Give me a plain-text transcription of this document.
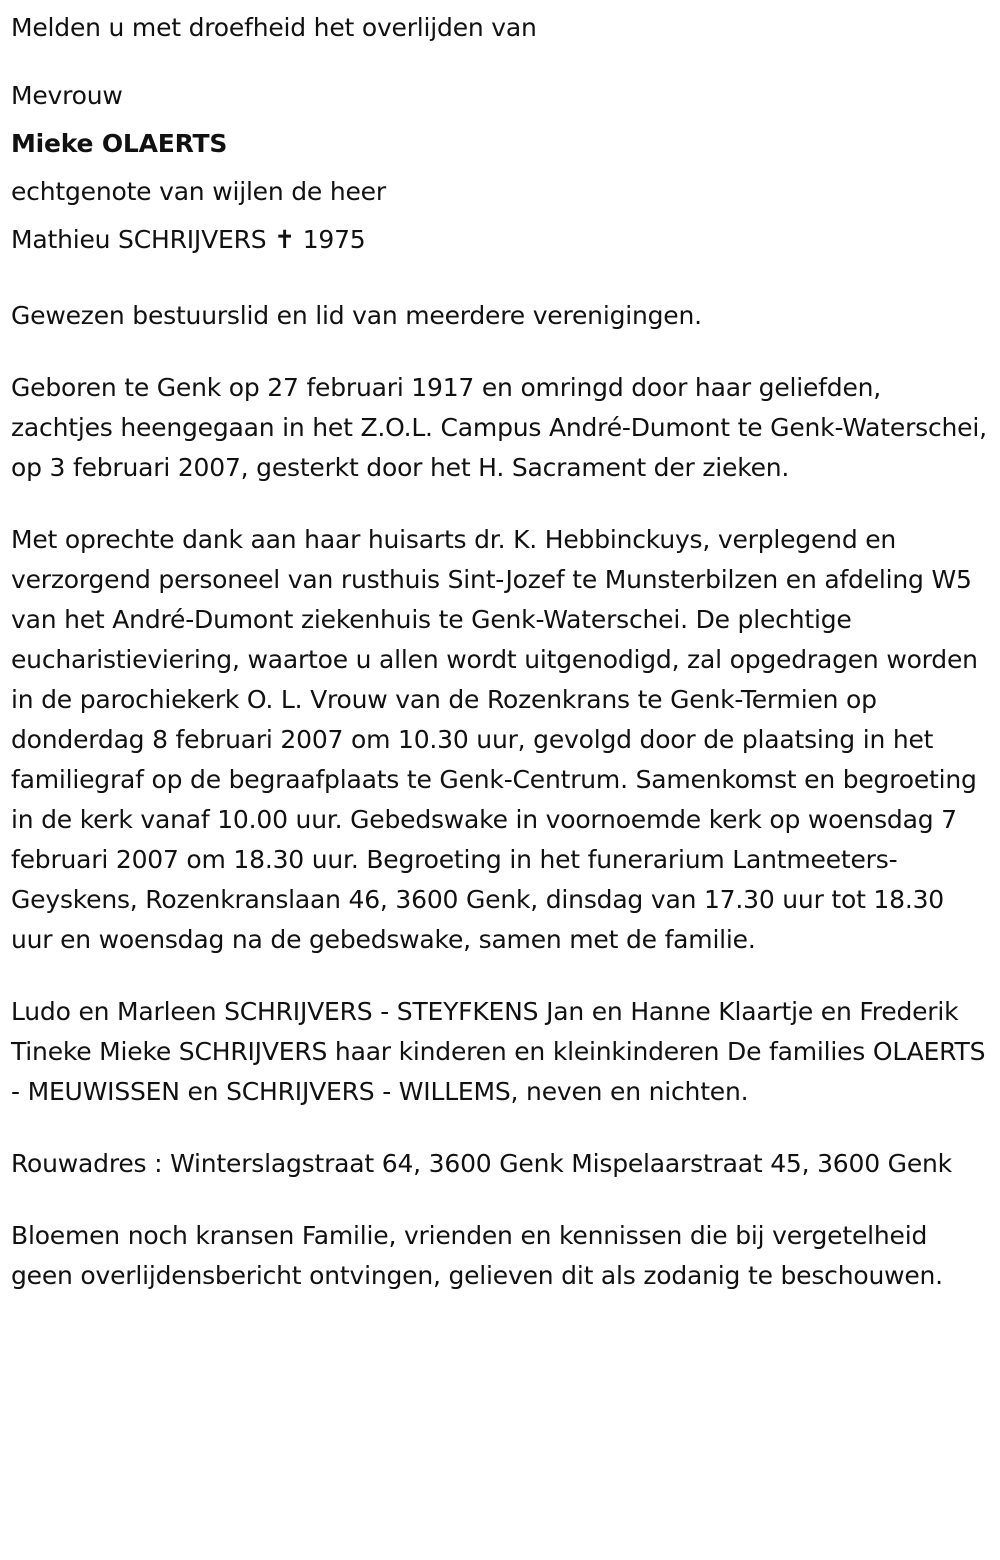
Melden u met droefheid het overlijden van

Mevrouw

Mieke OLAERTS

echtgenote van wijlen de heer

Mathieu SCHRIJVERS ✝ 1975

Gewezen bestuurslid en lid van meerdere verenigingen.

Geboren te Genk op 27 februari 1917 en omringd door haar geliefden, zachtjes heengegaan in het Z.O.L. Campus André-Dumont te Genk-Waterschei, op 3 februari 2007, gesterkt door het H. Sacrament der zieken.

Met oprechte dank aan haar huisarts dr. K. Hebbinckuys, verplegend en verzorgend personeel van rusthuis Sint-Jozef te Munsterbilzen en afdeling W5 van het André-Dumont ziekenhuis te Genk-Waterschei. De plechtige eucharistieviering, waartoe u allen wordt uitgenodigd, zal opgedragen worden in de parochiekerk O. L. Vrouw van de Rozenkrans te Genk-Termien op donderdag 8 februari 2007 om 10.30 uur, gevolgd door de plaatsing in het familiegraf op de begraafplaats te Genk-Centrum. Samenkomst en begroeting in de kerk vanaf 10.00 uur. Gebedswake in voornoemde kerk op woensdag 7 februari 2007 om 18.30 uur. Begroeting in het funerarium Lantmeeters-Geyskens, Rozenkranslaan 46, 3600 Genk, dinsdag van 17.30 uur tot 18.30 uur en woensdag na de gebedswake, samen met de familie.

Ludo en Marleen SCHRIJVERS - STEYFKENS Jan en Hanne Klaartje en Frederik Tineke Mieke SCHRIJVERS haar kinderen en kleinkinderen De families OLAERTS - MEUWISSEN en SCHRIJVERS - WILLEMS, neven en nichten.

Rouwadres : Winterslagstraat 64, 3600 Genk Mispelaarstraat 45, 3600 Genk

Bloemen noch kransen Familie, vrienden en kennissen die bij vergetelheid geen overlijdensbericht ontvingen, gelieven dit als zodanig te beschouwen.
